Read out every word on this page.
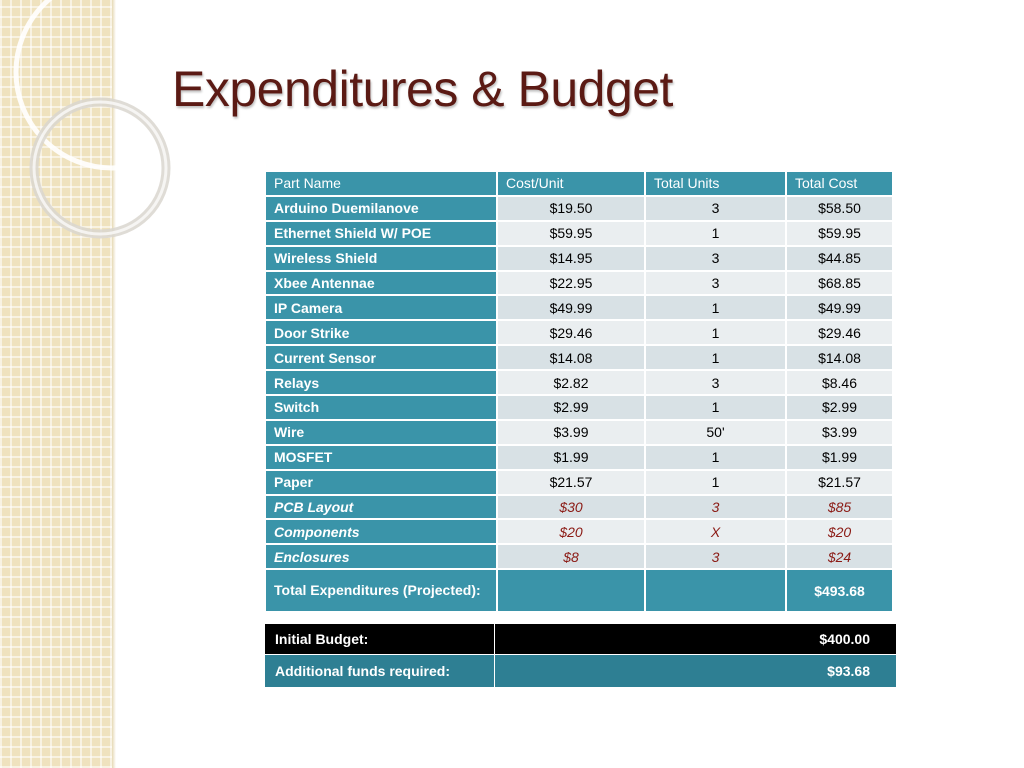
Expenditures & Budget
Part Name	Cost/Unit	Total Units	Total Cost
Arduino Duemilanove	$19.50	3	$58.50
Ethernet Shield W/ POE	$59.95	1	$59.95
Wireless Shield	$14.95	3	$44.85
Xbee Antennae	$22.95	3	$68.85
IP Camera	$49.99	1	$49.99
Door Strike	$29.46	1	$29.46
Current Sensor	$14.08	1	$14.08
Relays	$2.82	3	$8.46
Switch	$2.99	1	$2.99
Wire	$3.99	50'	$3.99
MOSFET	$1.99	1	$1.99
Paper	$21.57	1	$21.57
PCB Layout	$30	3	$85
Components	$20	X	$20
Enclosures	$8	3	$24
Total Expenditures (Projected):			$493.68
Initial Budget:	$400.00
Additional funds required:	$93.68
